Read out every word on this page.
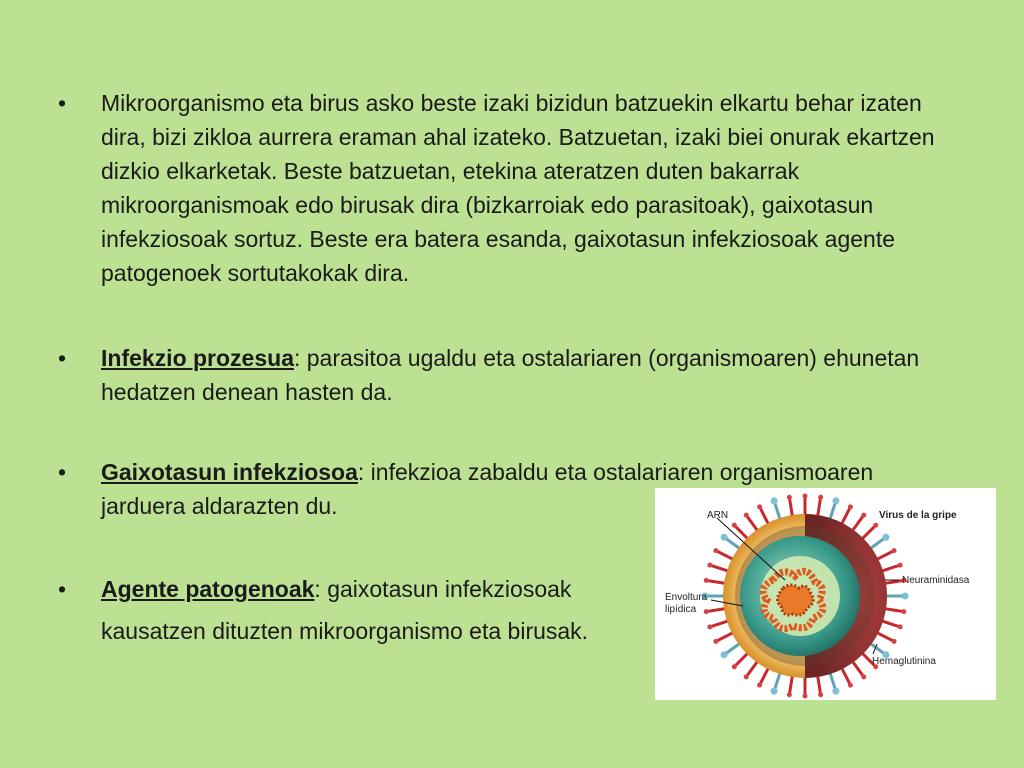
•	Mikroorganismo eta birus asko beste izaki bizidun batzuekin elkartu behar izaten dira, bizi zikloa aurrera eraman ahal izateko. Batzuetan, izaki biei onurak ekartzen dizkio elkarketak. Beste batzuetan, etekina ateratzen duten bakarrak mikroorganismoak edo birusak dira (bizkarroiak edo parasitoak), gaixotasun infekziosoak sortuz. Beste era batera esanda, gaixotasun infekziosoak agente patogenoek sortutakokak dira.
•	Infekzio prozesua: parasitoa ugaldu eta ostalariaren (organismoaren) ehunetan hedatzen denean hasten da.
•	Gaixotasun infekziosoa: infekzioa zabaldu eta ostalariaren organismoaren jarduera aldarazten du.
•	Agente patogenoak: gaixotasun infekziosoak
kausatzen dituzten mikroorganismo eta birusak.
ARN
Envoltura
lipídica
Virus de la gripe
Neuraminidasa
Hemaglutinina
